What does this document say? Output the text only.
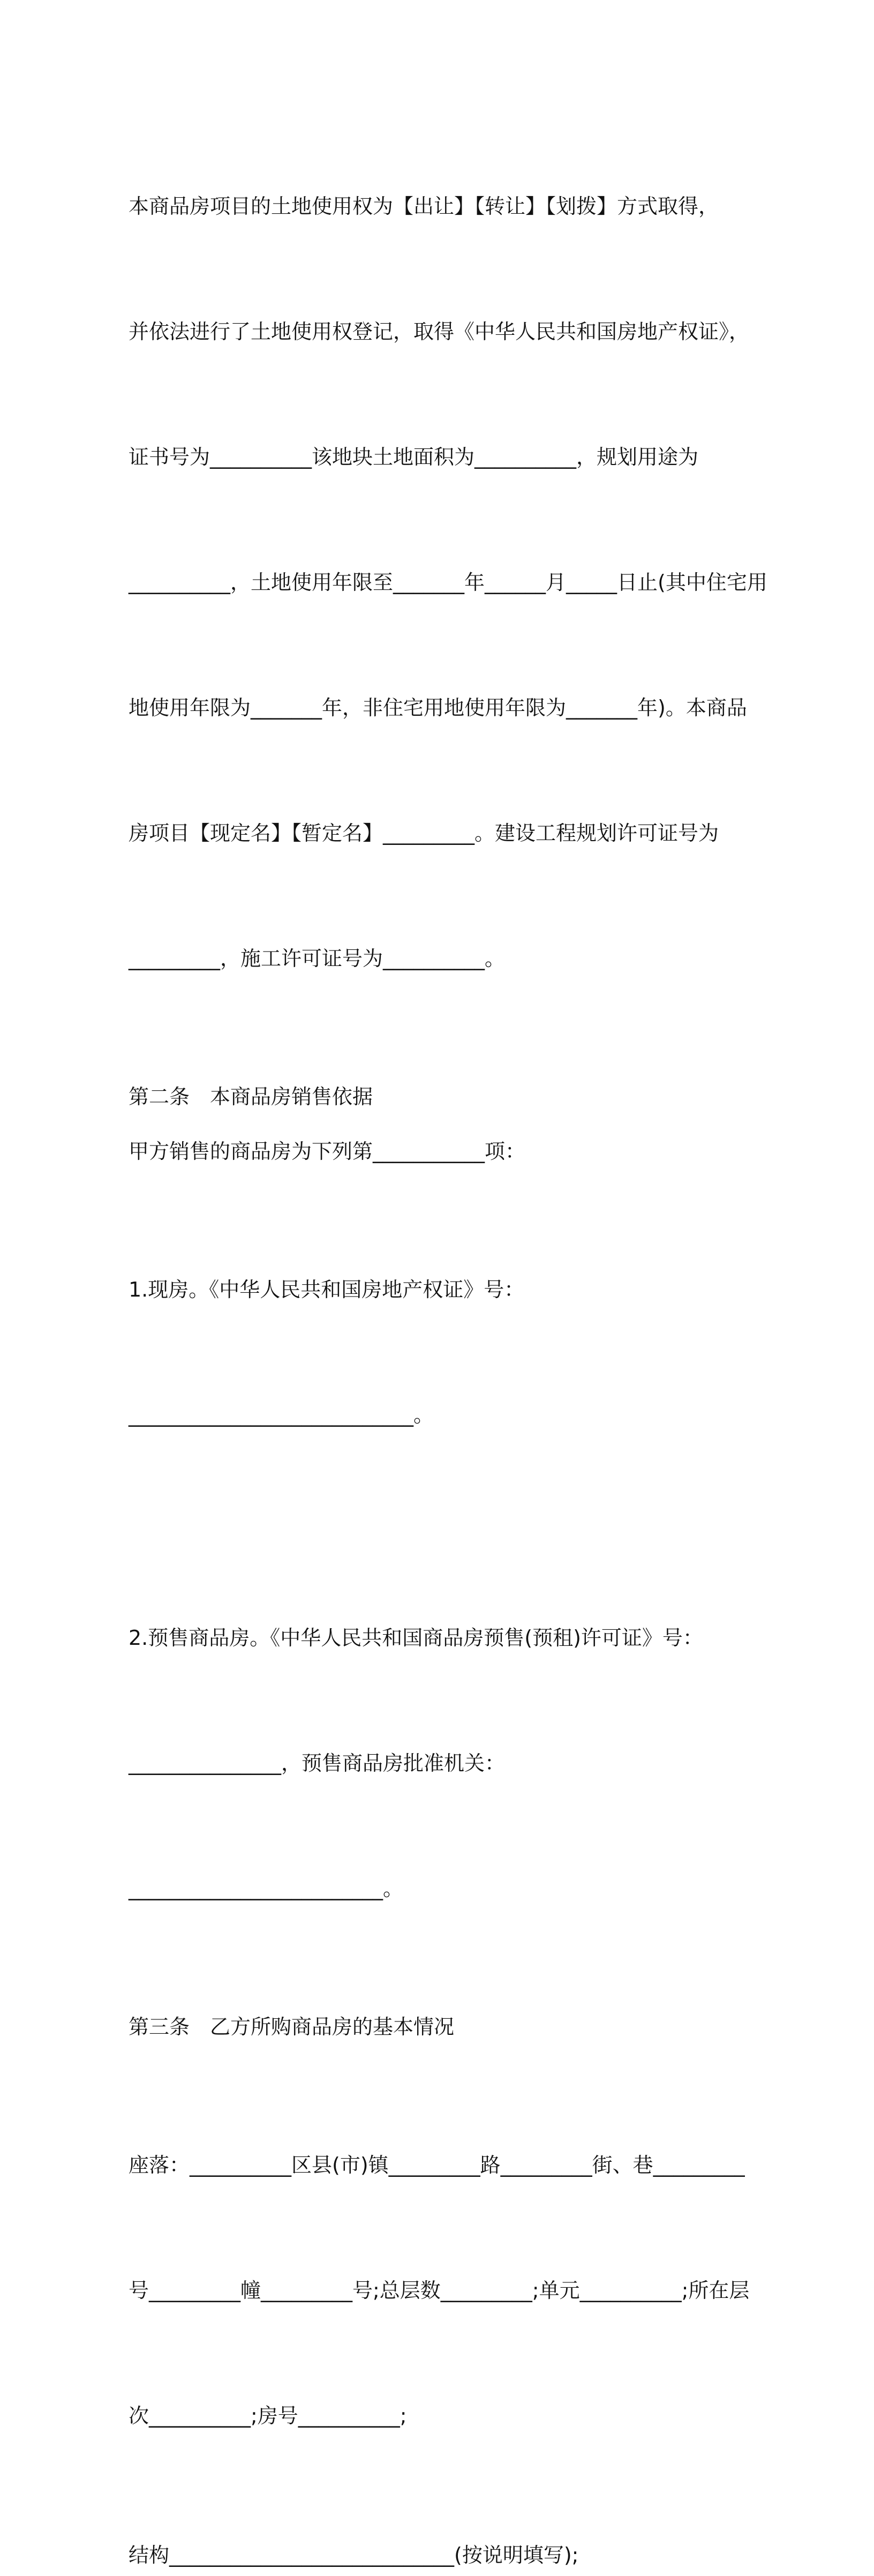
本商品房项目的土地使用权为【出让】【转让】【划拨】方式取得，

并依法进行了土地使用权登记，取得《中华人民共和国房地产权证》，

证书号为__________该地块土地面积为__________，规划用途为

__________，土地使用年限至_______年______月_____日止(其中住宅用

地使用年限为_______年，非住宅用地使用年限为_______年)。本商品

房项目【现定名】【暂定名】_________。建设工程规划许可证号为

_________，施工许可证号为__________。

第二条　本商品房销售依据

甲方销售的商品房为下列第___________项：

1.现房。《中华人民共和国房地产权证》号：

____________________________。

2.预售商品房。《中华人民共和国商品房预售(预租)许可证》号：

_______________，预售商品房批准机关：

_________________________。

第三条　乙方所购商品房的基本情况

座落：__________区县(市)镇_________路_________街、巷_________

号_________幢_________号;总层数_________;单元__________;所在层

次__________;房号__________;

结构____________________________(按说明填写);
